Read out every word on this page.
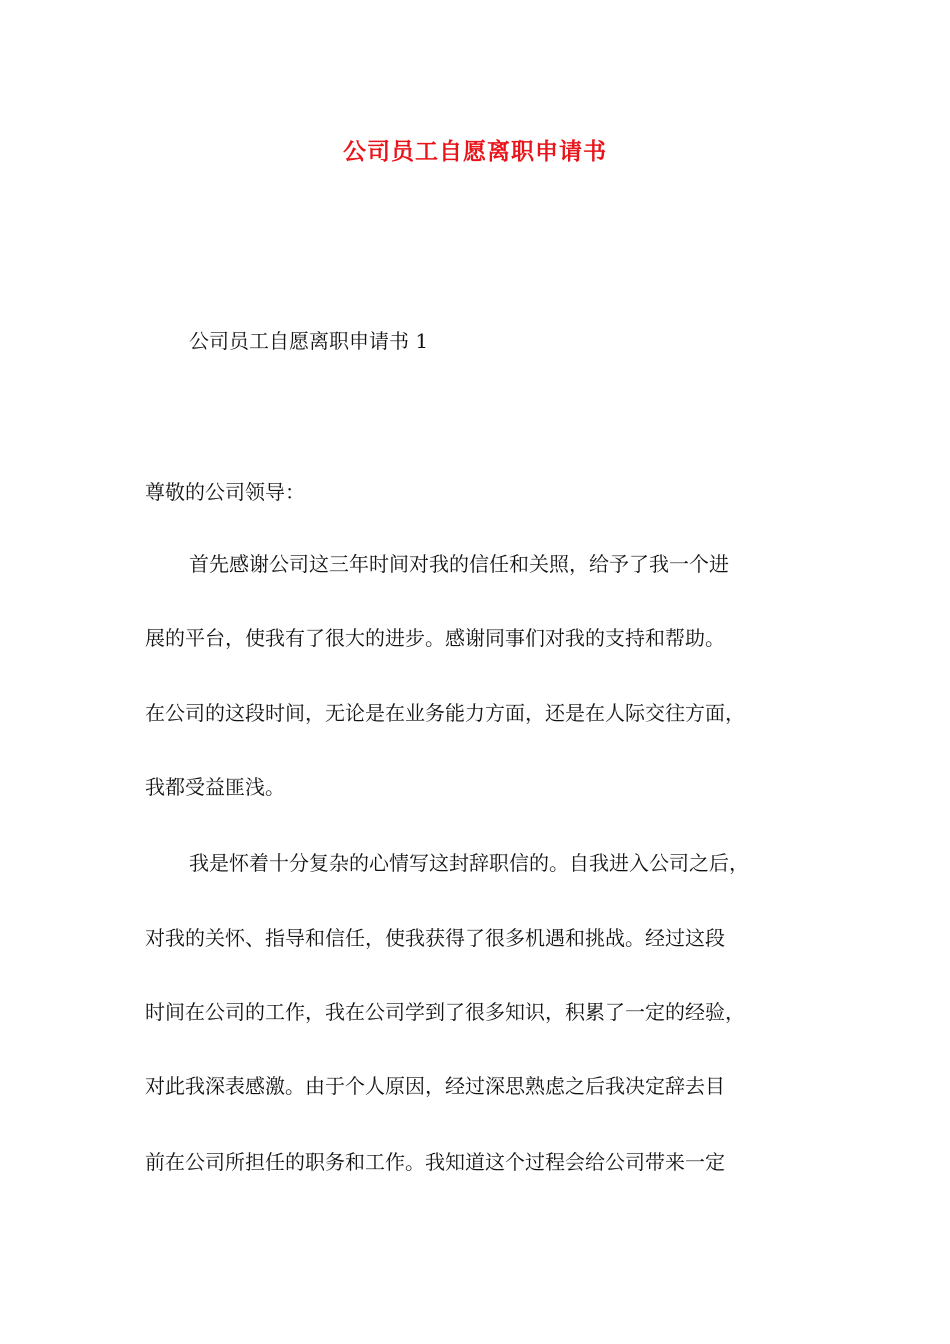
公司员工自愿离职申请书
公司员工自愿离职申请书 1
尊敬的公司领导：
首先感谢公司这三年时间对我的信任和关照，给予了我一个进
展的平台，使我有了很大的进步。感谢同事们对我的支持和帮助。
在公司的这段时间，无论是在业务能力方面，还是在人际交往方面，
我都受益匪浅。
我是怀着十分复杂的心情写这封辞职信的。自我进入公司之后，
对我的关怀、指导和信任，使我获得了很多机遇和挑战。经过这段
时间在公司的工作，我在公司学到了很多知识，积累了一定的经验，
对此我深表感激。由于个人原因，经过深思熟虑之后我决定辞去目
前在公司所担任的职务和工作。我知道这个过程会给公司带来一定
